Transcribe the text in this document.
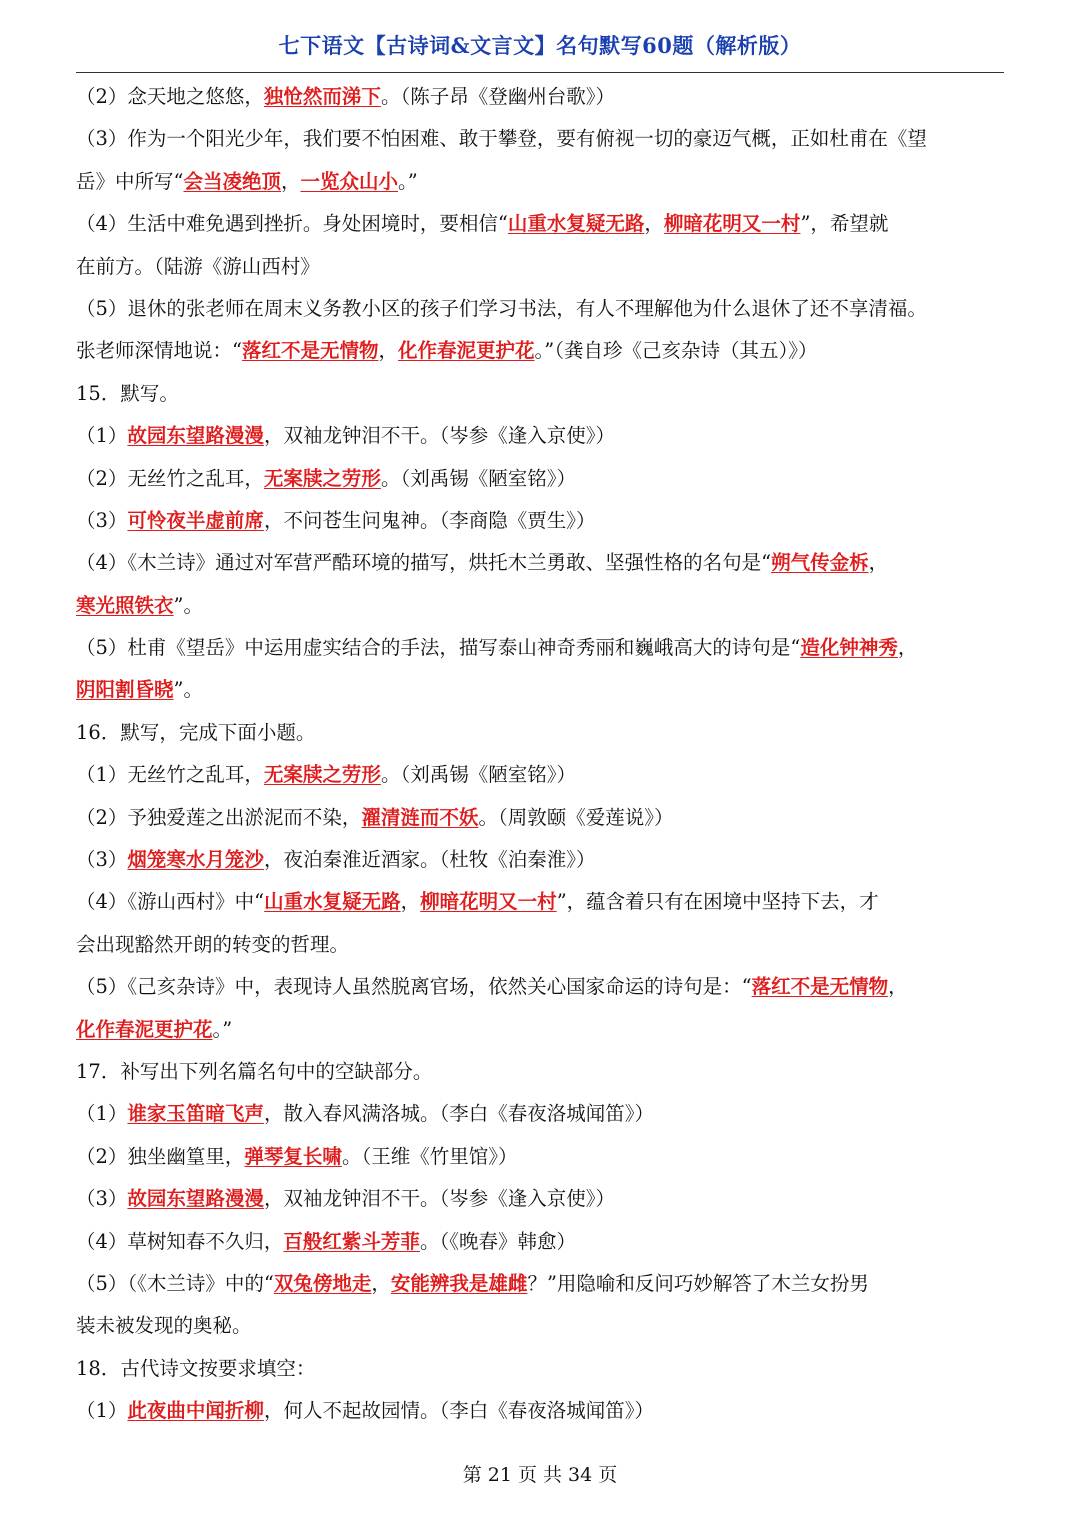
七下语文【古诗词&文言文】名句默写60题（解析版）
（2）念天地之悠悠，独怆然而涕下。（陈子昂《登幽州台歌》）
（3）作为一个阳光少年，我们要不怕困难、敢于攀登，要有俯视一切的豪迈气概，正如杜甫在《望
岳》中所写“会当凌绝顶，一览众山小。”
（4）生活中难免遇到挫折。身处困境时，要相信“山重水复疑无路，柳暗花明又一村”，希望就
在前方。（陆游《游山西村》
（5）退休的张老师在周末义务教小区的孩子们学习书法，有人不理解他为什么退休了还不享清福。
张老师深情地说：“落红不是无情物，化作春泥更护花。”（龚自珍《己亥杂诗（其五）》）
15．默写。
（1）故园东望路漫漫，双袖龙钟泪不干。（岑参《逢入京使》）
（2）无丝竹之乱耳，无案牍之劳形。（刘禹锡《陋室铭》）
（3）可怜夜半虚前席，不问苍生问鬼神。（李商隐《贾生》）
（4）《木兰诗》通过对军营严酷环境的描写，烘托木兰勇敢、坚强性格的名句是“朔气传金柝，
寒光照铁衣”。
（5）杜甫《望岳》中运用虚实结合的手法，描写泰山神奇秀丽和巍峨高大的诗句是“造化钟神秀，
阴阳割昏晓”。
16．默写，完成下面小题。
（1）无丝竹之乱耳，无案牍之劳形。（刘禹锡《陋室铭》）
（2）予独爱莲之出淤泥而不染，濯清涟而不妖。（周敦颐《爱莲说》）
（3）烟笼寒水月笼沙，夜泊秦淮近酒家。（杜牧《泊秦淮》）
（4）《游山西村》中“山重水复疑无路，柳暗花明又一村”，蕴含着只有在困境中坚持下去，才
会出现豁然开朗的转变的哲理。
（5）《己亥杂诗》中，表现诗人虽然脱离官场，依然关心国家命运的诗句是：“落红不是无情物，
化作春泥更护花。”
17．补写出下列名篇名句中的空缺部分。
（1）谁家玉笛暗飞声，散入春风满洛城。（李白《春夜洛城闻笛》）
（2）独坐幽篁里，弹琴复长啸。（王维《竹里馆》）
（3）故园东望路漫漫，双袖龙钟泪不干。（岑参《逢入京使》）
（4）草树知春不久归，百般红紫斗芳菲。（《晚春》韩愈）
（5）（《木兰诗》中的“双兔傍地走，安能辨我是雄雌？”用隐喻和反问巧妙解答了木兰女扮男
装未被发现的奥秘。
18．古代诗文按要求填空：
（1）此夜曲中闻折柳，何人不起故园情。（李白《春夜洛城闻笛》）
第 21 页 共 34 页
